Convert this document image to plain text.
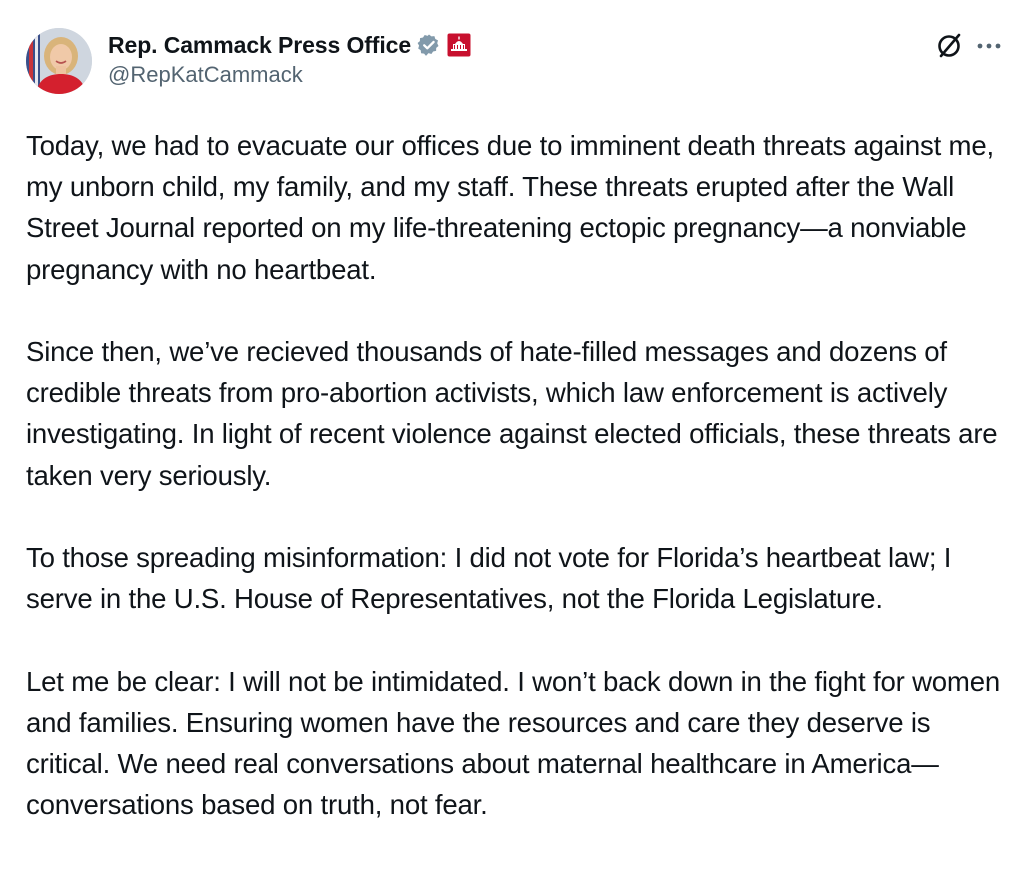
Rep. Cammack Press Office
@RepKatCammack

Today, we had to evacuate our offices due to imminent death threats against me, my unborn child, my family, and my staff. These threats erupted after the Wall Street Journal reported on my life-threatening ectopic pregnancy—a nonviable pregnancy with no heartbeat.

Since then, we’ve recieved thousands of hate-filled messages and dozens of credible threats from pro-abortion activists, which law enforcement is actively investigating. In light of recent violence against elected officials, these threats are taken very seriously.

To those spreading misinformation: I did not vote for Florida’s heartbeat law; I serve in the U.S. House of Representatives, not the Florida Legislature.

Let me be clear: I will not be intimidated. I won’t back down in the fight for women and families. Ensuring women have the resources and care they deserve is critical. We need real conversations about maternal healthcare in America—conversations based on truth, not fear.
